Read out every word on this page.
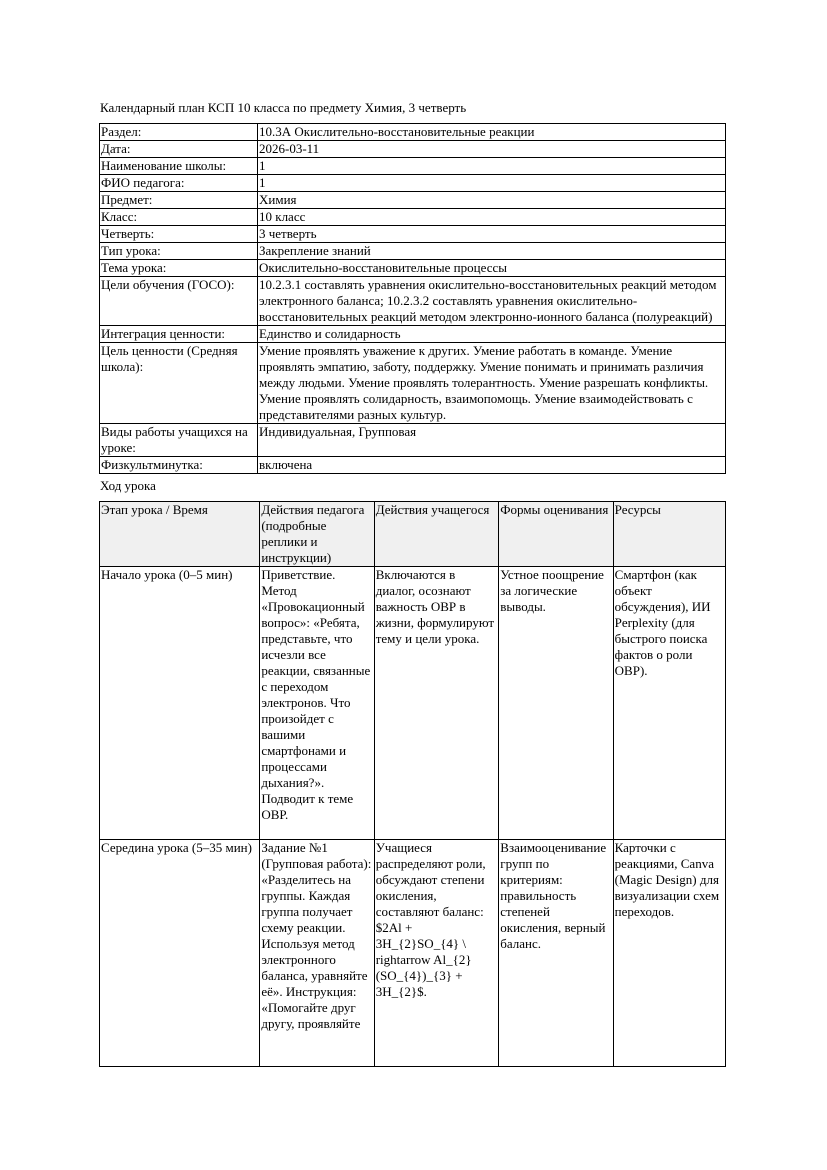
Календарный план КСП 10 класса по предмету Химия, 3 четверть
Раздел:	10.3А Окислительно-восстановительные реакции
Дата:	2026-03-11
Наименование школы:	1
ФИО педагога:	1
Предмет:	Химия
Класс:	10 класс
Четверть:	3 четверть
Тип урока:	Закрепление знаний
Тема урока:	Окислительно-восстановительные процессы
Цели обучения (ГОСО):	10.2.3.1 составлять уравнения окислительно-восстановительных реакций методом электронного баланса; 10.2.3.2 составлять уравнения окислительно-восстановительных реакций методом электронно-ионного баланса (полуреакций)
Интеграция ценности:	Единство и солидарность
Цель ценности (Средняя школа):	Умение проявлять уважение к других. Умение работать в команде. Умение проявлять эмпатию, заботу, поддержку. Умение понимать и принимать различия между людьми. Умение проявлять толерантность. Умение разрешать конфликты. Умение проявлять солидарность, взаимопомощь. Умение взаимодействовать с представителями разных культур.
Виды работы учащихся на уроке:	Индивидуальная, Групповая
Физкультминутка:	включена
Ход урока
Этап урока / Время	Действия педагога (подробные реплики и инструкции)	Действия учащегося	Формы оценивания	Ресурсы
Начало урока (0–5 мин)	Приветствие. Метод «Провокационный вопрос»: «Ребята, представьте, что исчезли все реакции, связанные с переходом электронов. Что произойдет с вашими смартфонами и процессами дыхания?». Подводит к теме ОВР.	Включаются в диалог, осознают важность ОВР в жизни, формулируют тему и цели урока.	Устное поощрение за логические выводы.	Смартфон (как объект обсуждения), ИИ Perplexity (для быстрого поиска фактов о роли ОВР).
Середина урока (5–35 мин)	Задание №1 (Групповая работа): «Разделитесь на группы. Каждая группа получает схему реакции. Используя метод электронного баланса, уравняйте её». Инструкция: «Помогайте друг другу, проявляйте	Учащиеся распределяют роли, обсуждают степени окисления, составляют баланс: $2Al + 3H_{2}SO_{4} \ rightarrow Al_{2}(SO_{4})_{3} + 3H_{2}$.	Взаимооценивание групп по критериям: правильность степеней окисления, верный баланс.	Карточки с реакциями, Canva (Magic Design) для визуализации схем переходов.
